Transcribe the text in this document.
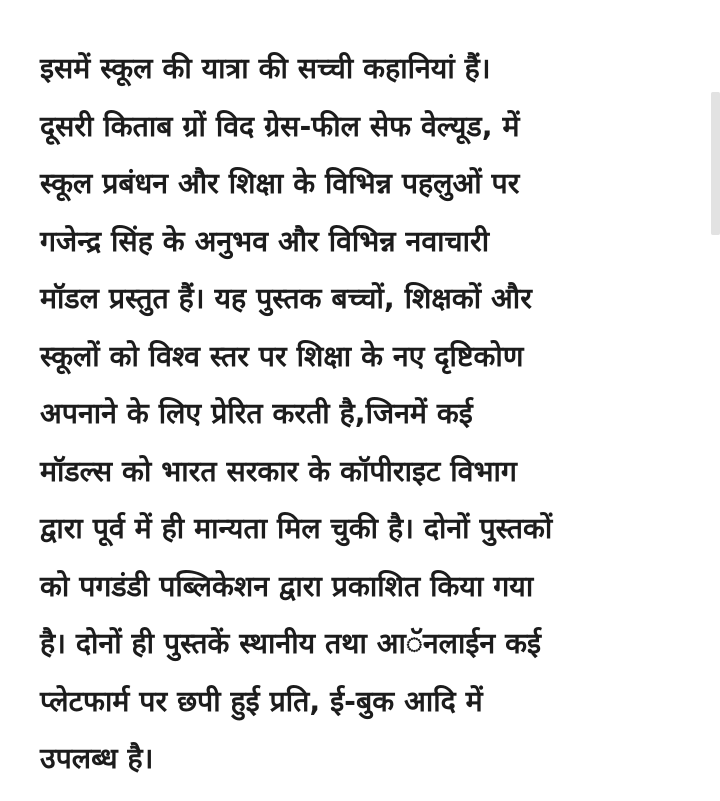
इसमें स्कूल की यात्रा की सच्ची कहानियां हैं।
दूसरी किताब ग्रों विद ग्रेस-फील सेफ वेल्यूड, में
स्कूल प्रबंधन और शिक्षा के विभिन्न पहलुओं पर
गजेन्द्र सिंह के अनुभव और विभिन्न नवाचारी
मॉडल प्रस्तुत हैं। यह पुस्तक बच्चों, शिक्षकों और
स्कूलों को विश्व स्तर पर शिक्षा के नए दृष्टिकोण
अपनाने के लिए प्रेरित करती है,जिनमें कई
मॉडल्स को भारत सरकार के कॉपीराइट विभाग
द्वारा पूर्व में ही मान्यता मिल चुकी है। दोनों पुस्तकों
को पगडंडी पब्लिकेशन द्वारा प्रकाशित किया गया
है। दोनों ही पुस्तकें स्थानीय तथा आॅनलाईन कई
प्लेटफार्म पर छपी हुई प्रति, ई-बुक आदि में
उपलब्ध है।
